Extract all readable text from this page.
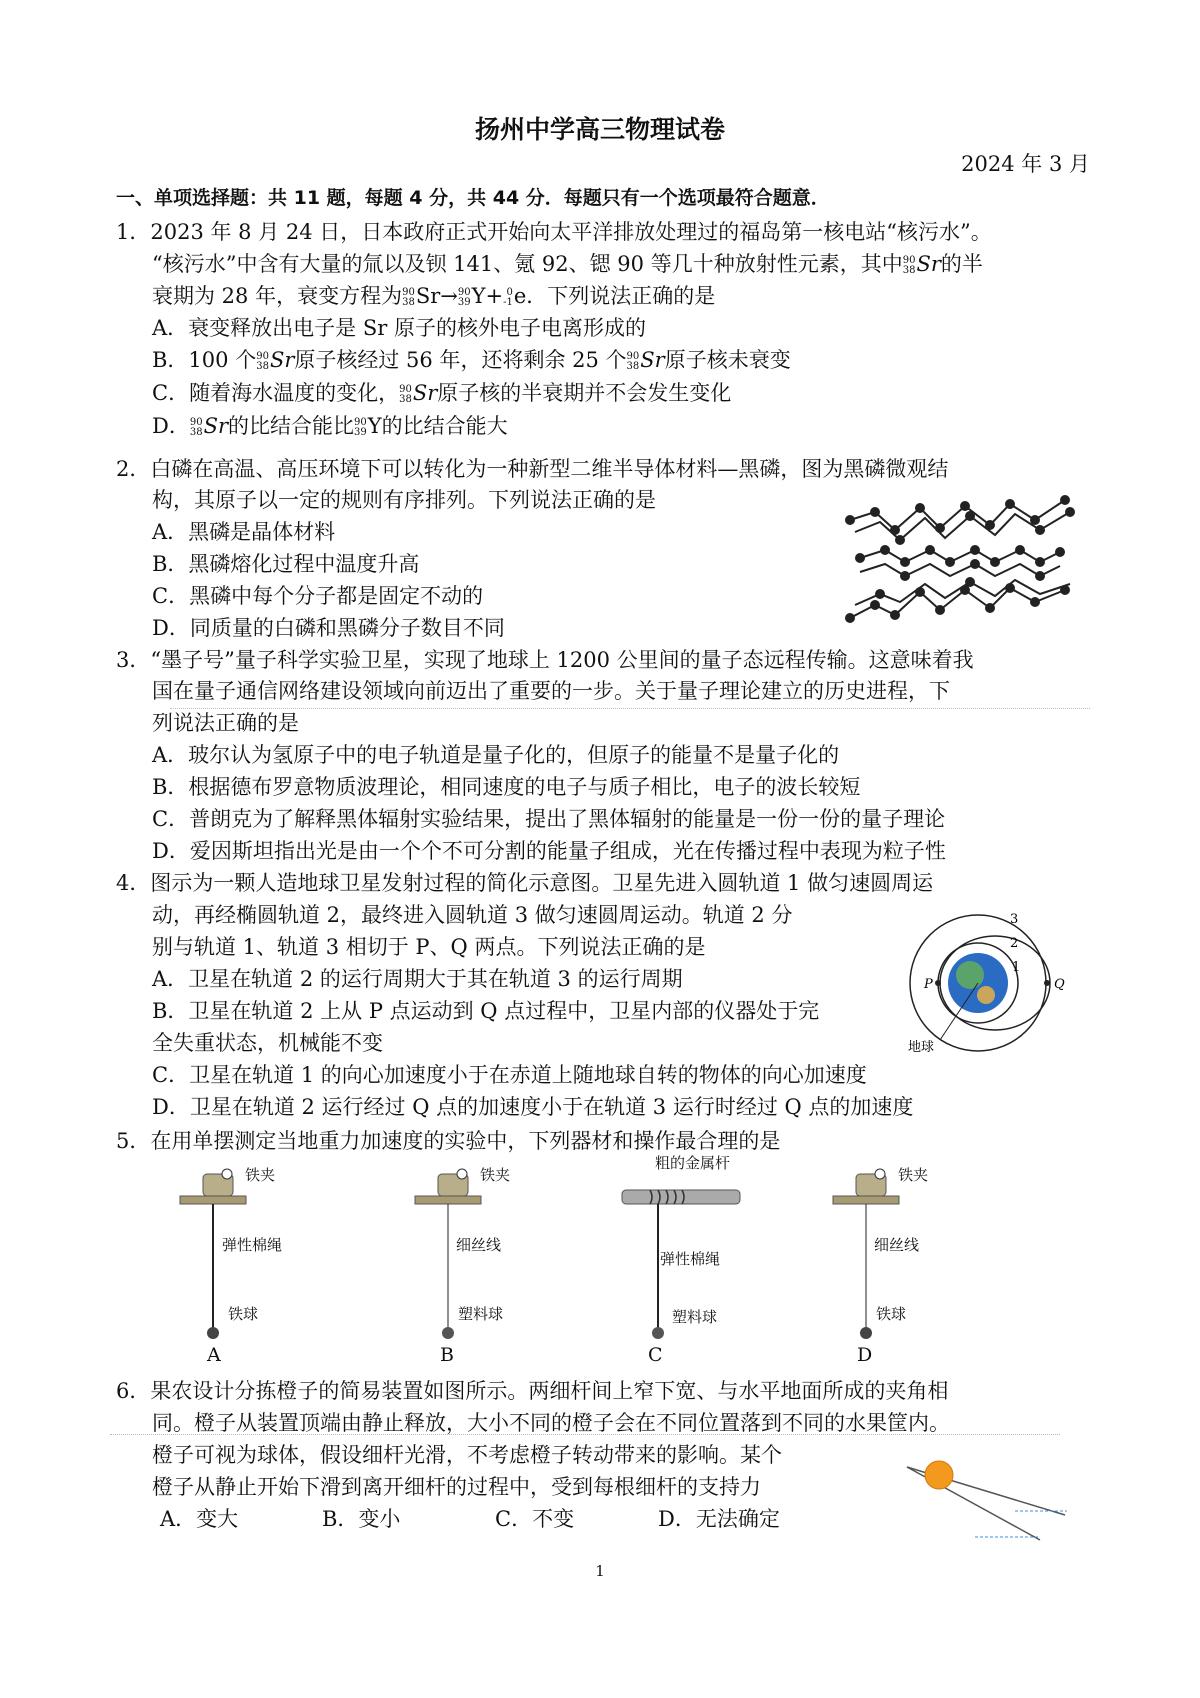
扬州中学高三物理试卷
2024 年 3 月
一、单项选择题：共 11 题，每题 4 分，共 44 分．每题只有一个选项最符合题意．
1．2023 年 8 月 24 日，日本政府正式开始向太平洋排放处理过的福岛第一核电站“核污水”。
“核污水”中含有大量的氚以及钡 141、氪 92、锶 90 等几十种放射性元素，其中 90
38 Sr的半
衰期为 28 年，衰变方程为 90
38 Sr→ 90
39 Y+ 0
-1 e．下列说法正确的是
A．衰变释放出电子是 Sr 原子的核外电子电离形成的
B．100 个 90
38 Sr原子核经过 56 年，还将剩余 25 个 90
38 Sr原子核未衰变
C．随着海水温度的变化， 90
38 Sr原子核的半衰期并不会发生变化
D． 90
38 Sr的比结合能比 90
39 Y的比结合能大
2．白磷在高温、高压环境下可以转化为一种新型二维半导体材料—黑磷，图为黑磷微观结
构，其原子以一定的规则有序排列。下列说法正确的是
A．黑磷是晶体材料
B．黑磷熔化过程中温度升高
C．黑磷中每个分子都是固定不动的
D．同质量的白磷和黑磷分子数目不同
3．“墨子号”量子科学实验卫星，实现了地球上 1200 公里间的量子态远程传输。这意味着我
国在量子通信网络建设领域向前迈出了重要的一步。关于量子理论建立的历史进程，下
列说法正确的是
A．玻尔认为氢原子中的电子轨道是量子化的，但原子的能量不是量子化的
B．根据德布罗意物质波理论，相同速度的电子与质子相比，电子的波长较短
C．普朗克为了解释黑体辐射实验结果，提出了黑体辐射的能量是一份一份的量子理论
D．爱因斯坦指出光是由一个个不可分割的能量子组成，光在传播过程中表现为粒子性
4．图示为一颗人造地球卫星发射过程的简化示意图。卫星先进入圆轨道 1 做匀速圆周运
动，再经椭圆轨道 2，最终进入圆轨道 3 做匀速圆周运动。轨道 2 分
别与轨道 1、轨道 3 相切于 P、Q 两点。下列说法正确的是
A．卫星在轨道 2 的运行周期大于其在轨道 3 的运行周期
B．卫星在轨道 2 上从 P 点运动到 Q 点过程中，卫星内部的仪器处于完
全失重状态，机械能不变
C．卫星在轨道 1 的向心加速度小于在赤道上随地球自转的物体的向心加速度
D．卫星在轨道 2 运行经过 Q 点的加速度小于在轨道 3 运行时经过 Q 点的加速度
3
2
1
P	Q
地球
5．在用单摆测定当地重力加速度的实验中，下列器材和操作最合理的是
铁夹
弹性棉绳
铁球
A
铁夹
细丝线
塑料球
B
粗的金属杆
弹性棉绳
塑料球
C
铁夹
细丝线
铁球
D
6．果农设计分拣橙子的简易装置如图所示。两细杆间上窄下宽、与水平地面所成的夹角相
同。橙子从装置顶端由静止释放，大小不同的橙子会在不同位置落到不同的水果筐内。
橙子可视为球体，假设细杆光滑，不考虑橙子转动带来的影响。某个
橙子从静止开始下滑到离开细杆的过程中，受到每根细杆的支持力
A．变大	B．变小	C．不变	D．无法确定
1
